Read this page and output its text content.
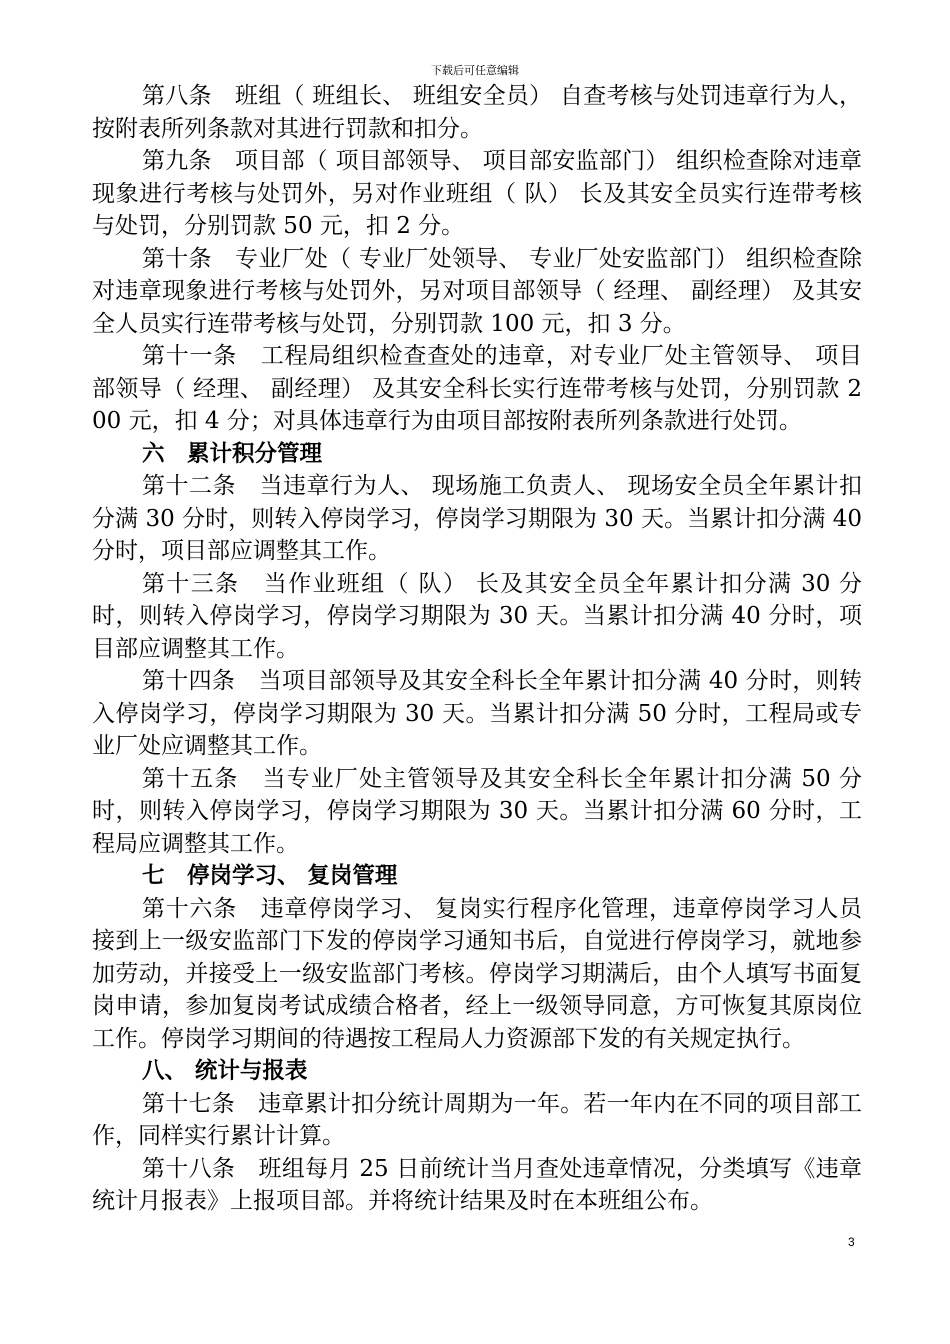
下载后可任意编辑

第八条　班组（ 班组长、 班组安全员） 自查考核与处罚违章行为人，按附表所列条款对其进行罚款和扣分。

第九条　项目部（ 项目部领导、 项目部安监部门） 组织检查除对违章现象进行考核与处罚外，另对作业班组（ 队） 长及其安全员实行连带考核与处罚，分别罚款 50 元，扣 2 分。

第十条　专业厂处（ 专业厂处领导、 专业厂处安监部门） 组织检查除对违章现象进行考核与处罚外，另对项目部领导（ 经理、 副经理） 及其安全人员实行连带考核与处罚，分别罚款 100 元，扣 3 分。

第十一条　工程局组织检查查处的违章，对专业厂处主管领导、 项目部领导（ 经理、 副经理） 及其安全科长实行连带考核与处罚，分别罚款 200 元，扣 4 分；对具体违章行为由项目部按附表所列条款进行处罚。

六　累计积分管理

第十二条　当违章行为人、 现场施工负责人、 现场安全员全年累计扣分满 30 分时，则转入停岗学习，停岗学习期限为 30 天。当累计扣分满 40 分时，项目部应调整其工作。

第十三条　当作业班组（ 队） 长及其安全员全年累计扣分满 30 分时，则转入停岗学习，停岗学习期限为 30 天。当累计扣分满 40 分时，项目部应调整其工作。

第十四条　当项目部领导及其安全科长全年累计扣分满 40 分时，则转入停岗学习，停岗学习期限为 30 天。当累计扣分满 50 分时，工程局或专业厂处应调整其工作。

第十五条　当专业厂处主管领导及其安全科长全年累计扣分满 50 分时，则转入停岗学习，停岗学习期限为 30 天。当累计扣分满 60 分时，工程局应调整其工作。

七　停岗学习、 复岗管理

第十六条　违章停岗学习、 复岗实行程序化管理，违章停岗学习人员接到上一级安监部门下发的停岗学习通知书后，自觉进行停岗学习，就地参加劳动，并接受上一级安监部门考核。停岗学习期满后，由个人填写书面复岗申请，参加复岗考试成绩合格者，经上一级领导同意，方可恢复其原岗位工作。停岗学习期间的待遇按工程局人力资源部下发的有关规定执行。

八、 统计与报表

第十七条　违章累计扣分统计周期为一年。若一年内在不同的项目部工作，同样实行累计计算。

第十八条　班组每月 25 日前统计当月查处违章情况，分类填写《违章统计月报表》上报项目部。并将统计结果及时在本班组公布。

3
